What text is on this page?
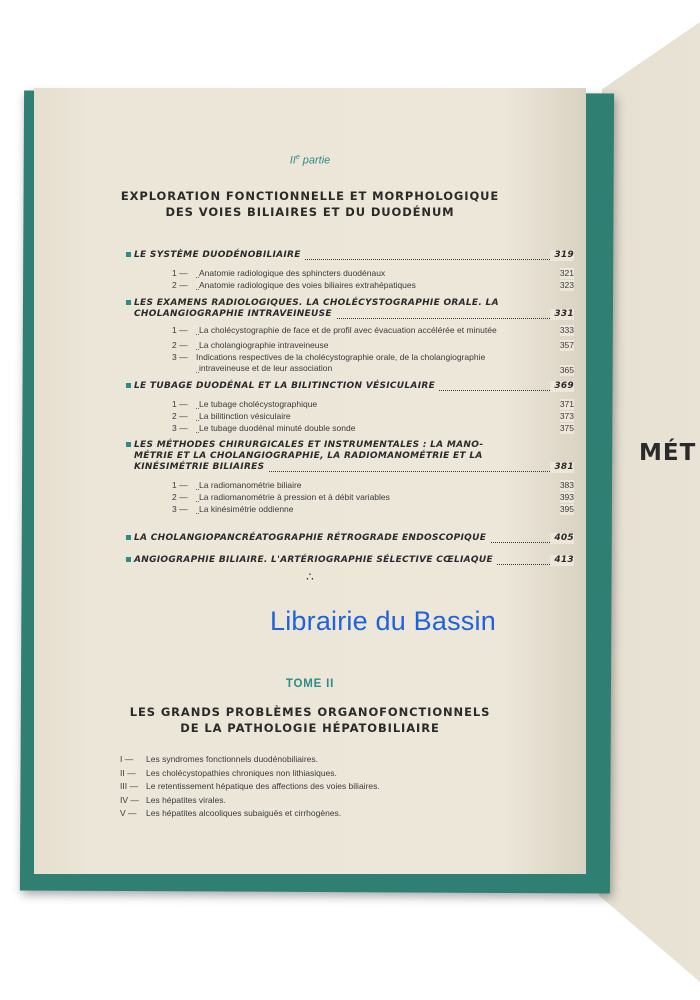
MÉT
IIe partie
EXPLORATION FONCTIONNELLE ET MORPHOLOGIQUE
DES VOIES BILIAIRES ET DU DUODÉNUM
LE SYSTÈME DUODÉNOBILIAIRE	319
1 —	Anatomie radiologique des sphincters duodénaux	321
2 —	Anatomie radiologique des voies biliaires extrahépatiques	323
LES EXAMENS RADIOLOGIQUES. LA CHOLÉCYSTOGRAPHIE ORALE. LA
CHOLANGIOGRAPHIE INTRAVEINEUSE	331
1 —	La cholécystographie de face et de profil avec évacuation accélérée et minutée	333
2 —	La cholangiographie intraveineuse	357
3 — Indications respectives de la cholécystographie orale, de la cholangiographie
intraveineuse et de leur association	365
LE TUBAGE DUODÉNAL ET LA BILITINCTION VÉSICULAIRE	369
1 —	Le tubage cholécystographique	371
2 —	La bilitinction vésiculaire	373
3 —	Le tubage duodénal minuté double sonde	375
LES MÉTHODES CHIRURGICALES ET INSTRUMENTALES : LA MANO-
MÉTRIE ET LA CHOLANGIOGRAPHIE, LA RADIOMANOMÉTRIE ET LA
KINÉSIMÉTRIE BILIAIRES	381
1 —	La radiomanométrie biliaire	383
2 —	La radiomanométrie à pression et à débit variables	393
3 —	La kinésimétrie oddienne	395
LA CHOLANGIOPANCRÉATOGRAPHIE RÉTROGRADE ENDOSCOPIQUE	405
ANGIOGRAPHIE BILIAIRE. L'ARTÉRIOGRAPHIE SÉLECTIVE CŒLIAQUE	413
∴
TOME II
LES GRANDS PROBLÈMES ORGANOFONCTIONNELS
DE LA PATHOLOGIE HÉPATOBILIAIRE
I — Les syndromes fonctionnels duodénobiliaires.
II — Les cholécystopathies chroniques non lithiasiques.
III — Le retentissement hépatique des affections des voies biliaires.
IV — Les hépatites virales.
V — Les hépatites alcooliques subaiguës et cirrhogènes.
Librairie du Bassin
